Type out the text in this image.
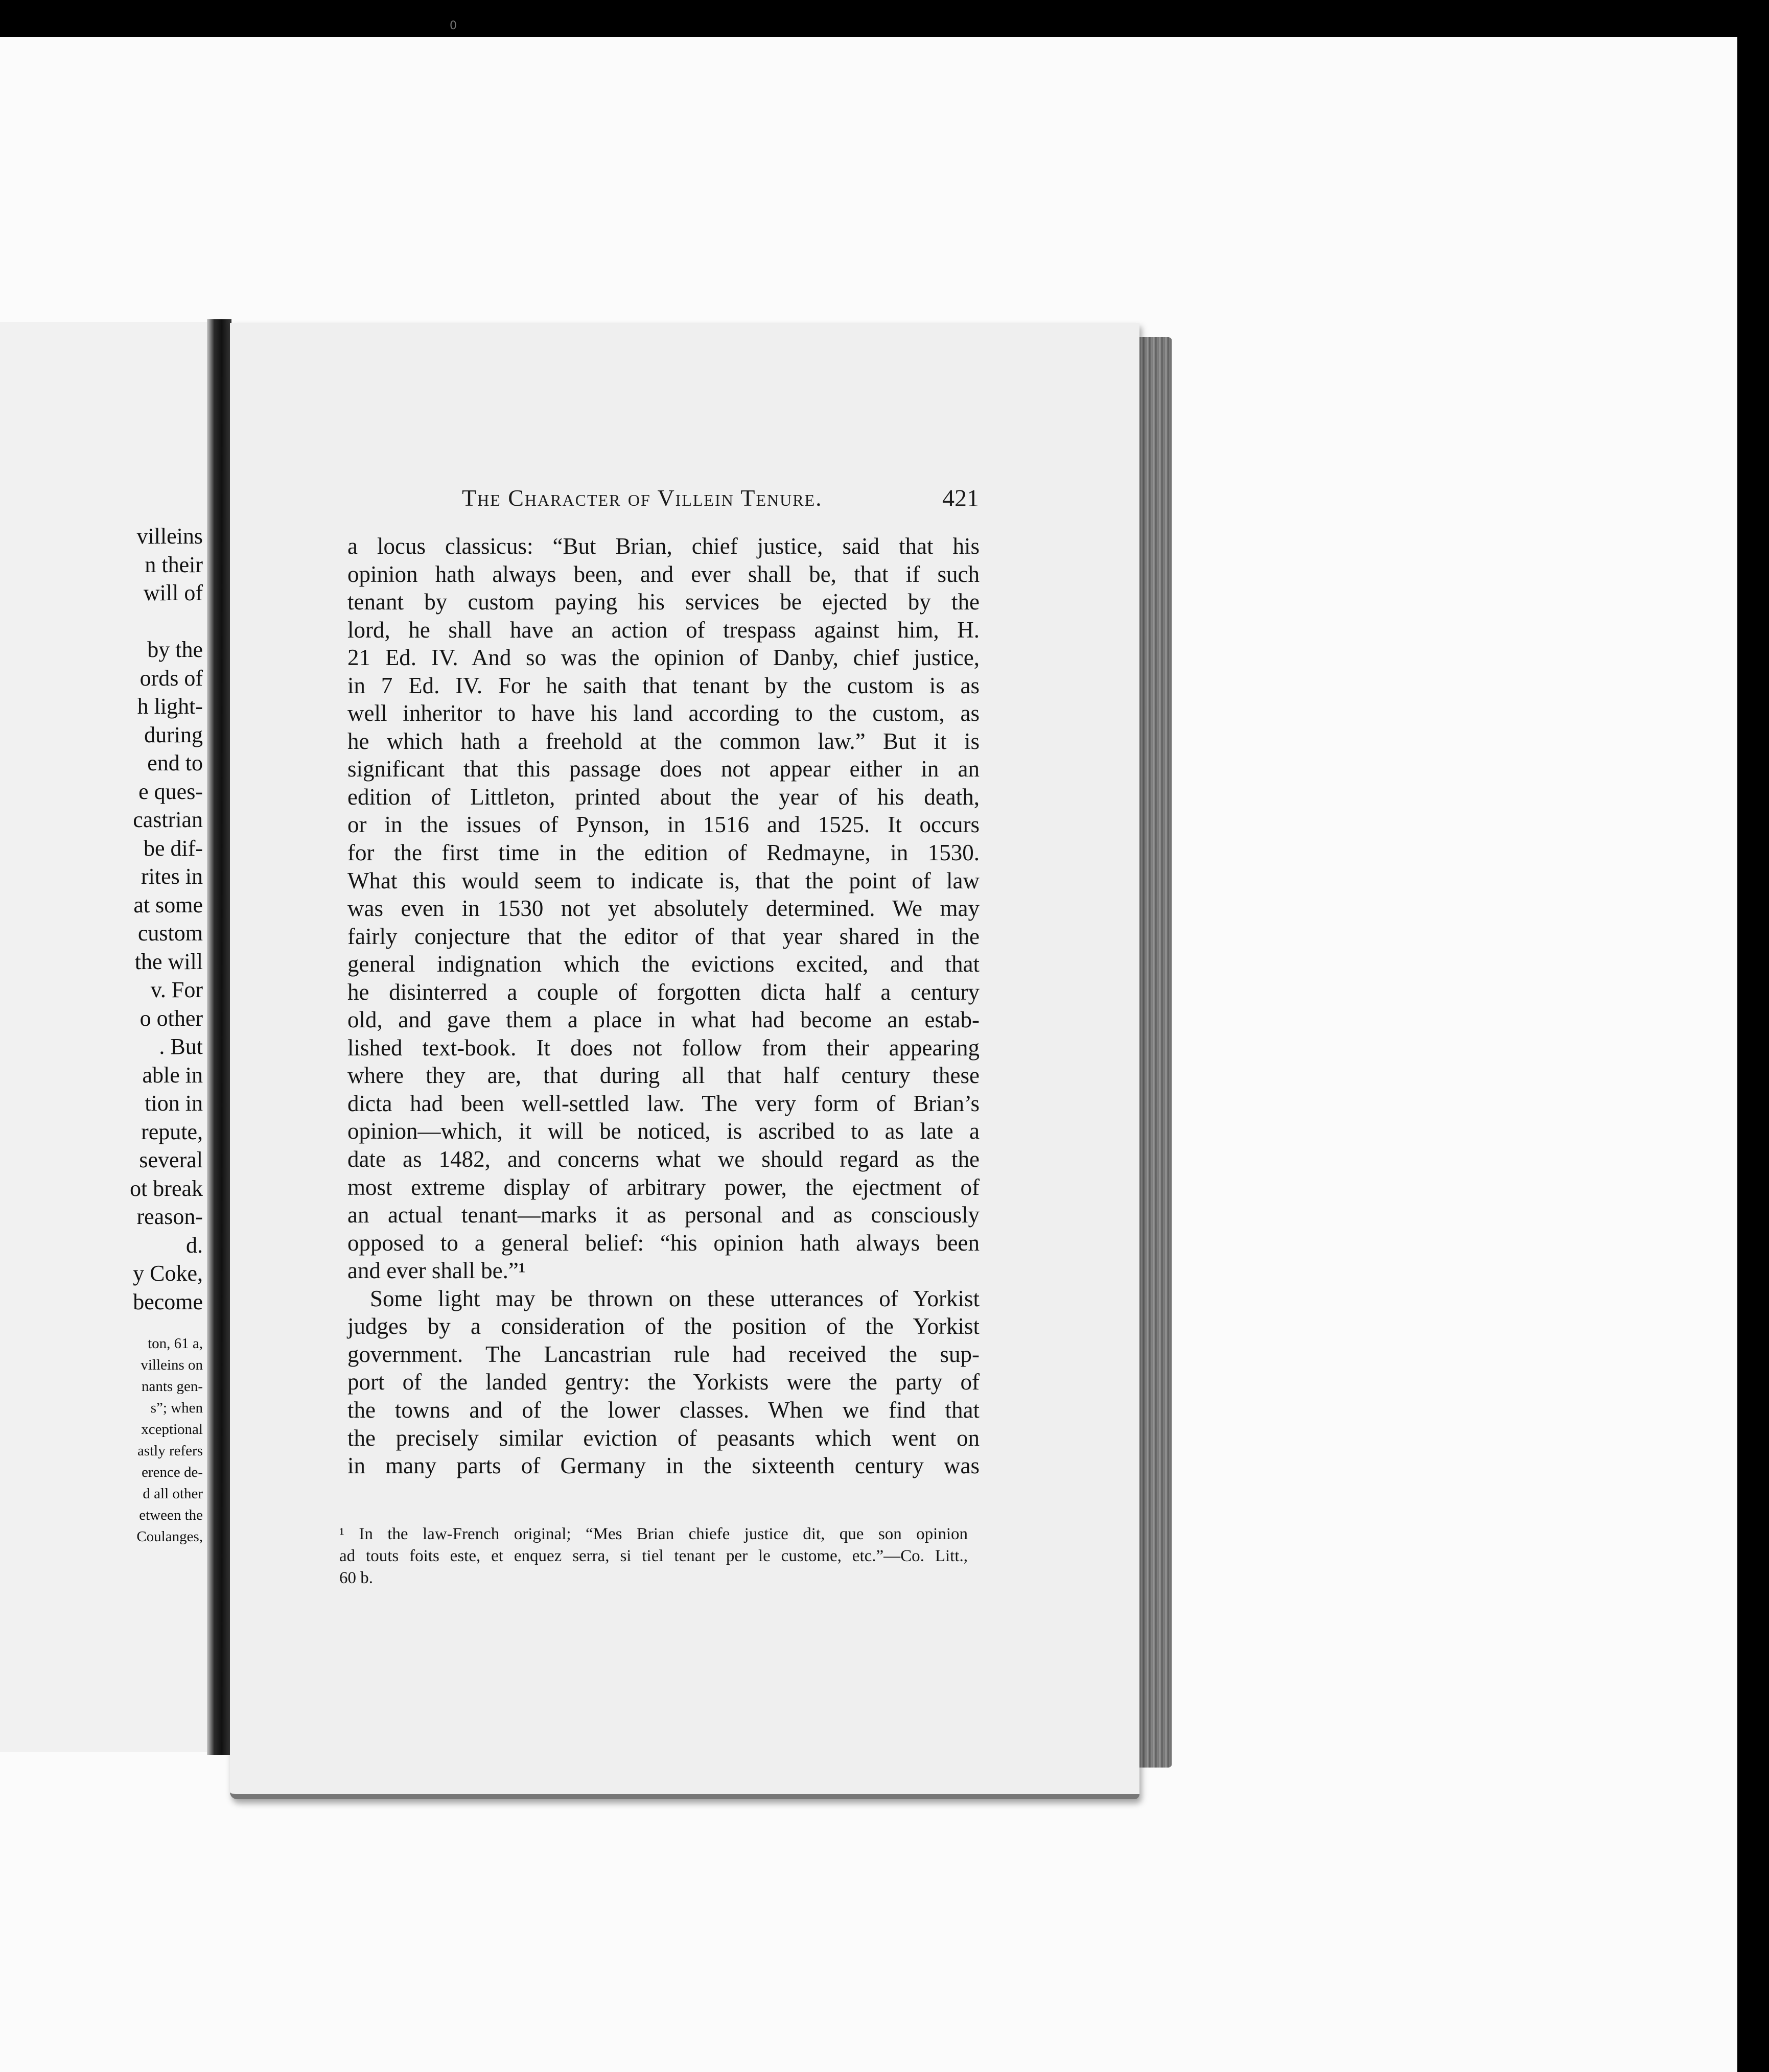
0
villeins
n their
will of
by the
ords of
h light-
during
end to
e ques-
castrian
be dif-
rites in
at some
custom
the will
v. For
o other
. But
able in
tion in
repute,
several
ot break
reason-
d.
y Coke,
become
ton, 61 a,
villeins on
nants gen-
s”; when
xceptional
astly refers
erence de-
d all other
etween the
Coulanges,
The Character of Villein Tenure.	421
a locus classicus: “But Brian, chief justice, said that his
opinion hath always been, and ever shall be, that if such
tenant by custom paying his services be ejected by the
lord, he shall have an action of trespass against him, H.
21 Ed. IV. And so was the opinion of Danby, chief justice,
in 7 Ed. IV. For he saith that tenant by the custom is as
well inheritor to have his land according to the custom, as
he which hath a freehold at the common law.” But it is
significant that this passage does not appear either in an
edition of Littleton, printed about the year of his death,
or in the issues of Pynson, in 1516 and 1525. It occurs
for the first time in the edition of Redmayne, in 1530.
What this would seem to indicate is, that the point of law
was even in 1530 not yet absolutely determined. We may
fairly conjecture that the editor of that year shared in the
general indignation which the evictions excited, and that
he disinterred a couple of forgotten dicta half a century
old, and gave them a place in what had become an estab-
lished text-book. It does not follow from their appearing
where they are, that during all that half century these
dicta had been well-settled law. The very form of Brian’s
opinion—which, it will be noticed, is ascribed to as late a
date as 1482, and concerns what we should regard as the
most extreme display of arbitrary power, the ejectment of
an actual tenant—marks it as personal and as consciously
opposed to a general belief: “his opinion hath always been
and ever shall be.”¹
Some light may be thrown on these utterances of Yorkist
judges by a consideration of the position of the Yorkist
government. The Lancastrian rule had received the sup-
port of the landed gentry: the Yorkists were the party of
the towns and of the lower classes. When we find that
the precisely similar eviction of peasants which went on
in many parts of Germany in the sixteenth century was
¹ In the law-French original; “Mes Brian chiefe justice dit, que son opinion
ad touts foits este, et enquez serra, si tiel tenant per le custome, etc.”—Co. Litt.,
60 b.
